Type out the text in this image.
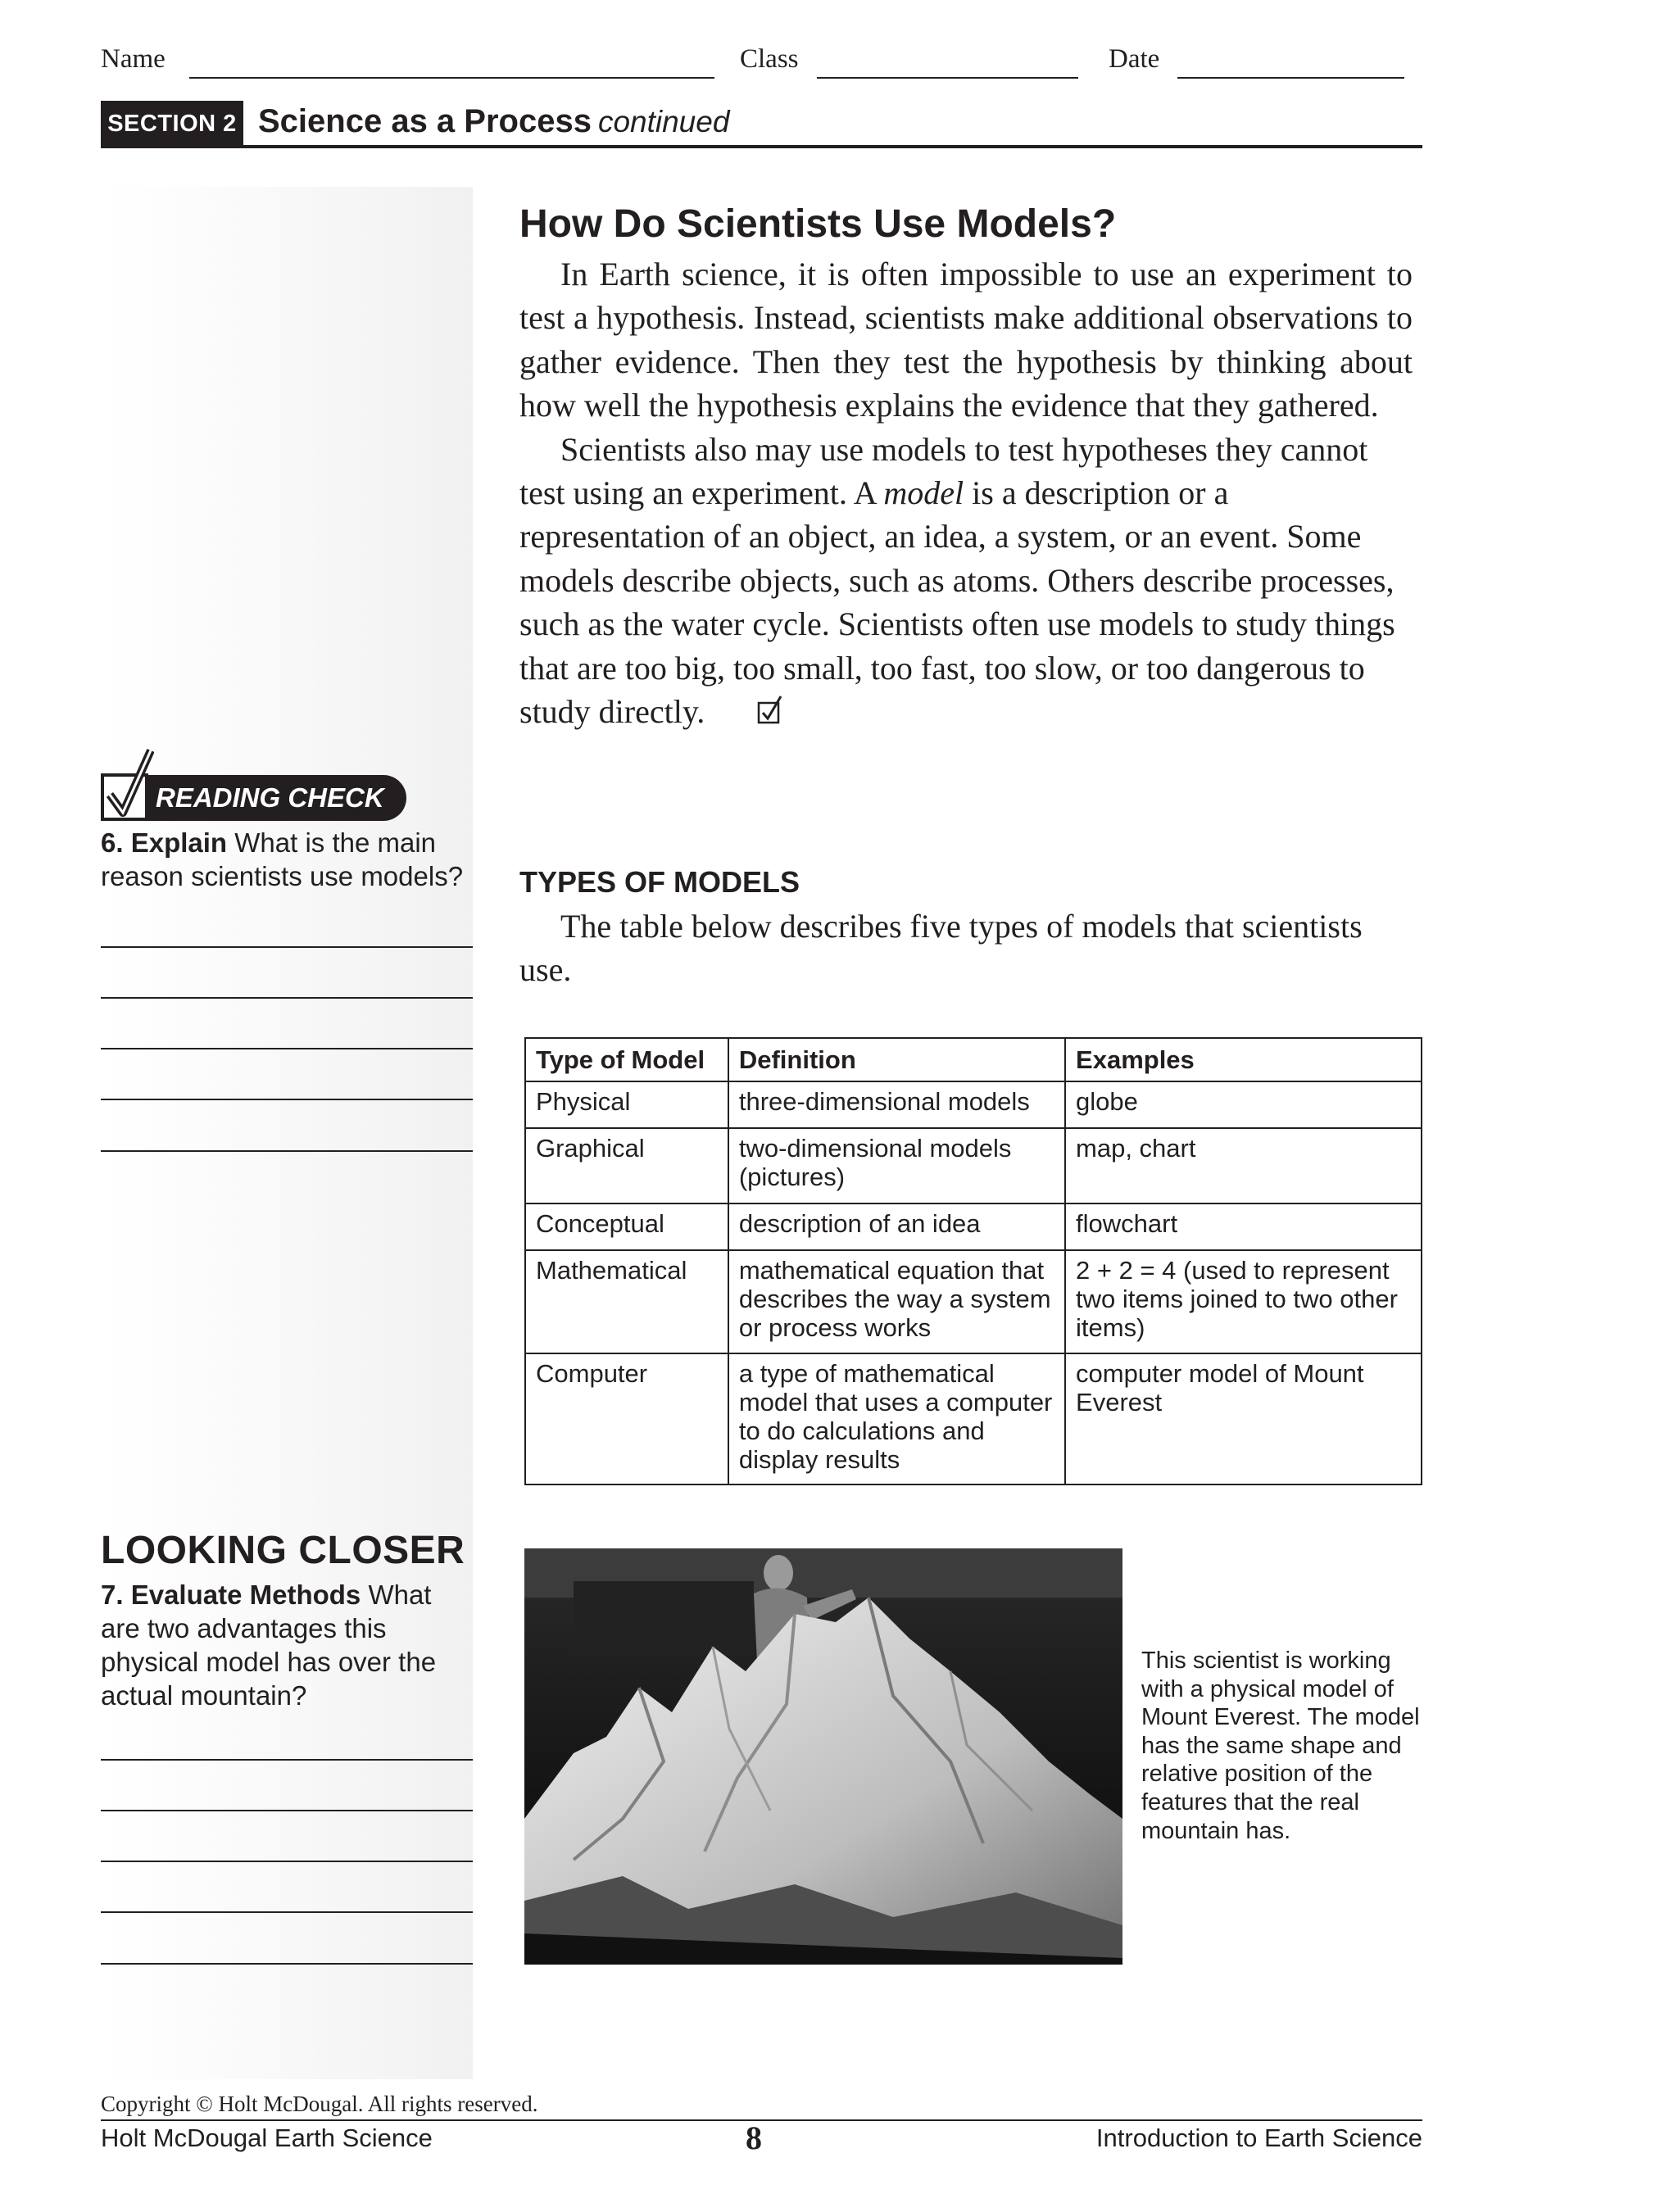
Name	Class	Date
SECTION 2 Science as a Process continued
How Do Scientists Use Models?

In Earth science, it is often impossible to use an experiment to test a hypothesis. Instead, scientists make additional observations to gather evidence. Then they test the hypothesis by thinking about how well the hypothesis explains the evidence that they gathered.

Scientists also may use models to test hypotheses they cannot test using an experiment. A model is a description or a representation of an object, an idea, a system, or an event. Some models describe objects, such as atoms. Others describe processes, such as the water cycle. Scientists often use models to study things that are too big, too small, too fast, too slow, or too dangerous to study directly.

TYPES OF MODELS
The table below describes five types of models that scientists use.
READING CHECK
6. Explain What is the main reason scientists use models?
LOOKING CLOSER
7. Evaluate Methods What are two advantages this physical model has over the actual mountain?
Type of Model	Definition	Examples
Physical	three-dimensional models	globe
Graphical	two-dimensional models (pictures)	map, chart
Conceptual	description of an idea	flowchart
Mathematical	mathematical equation that describes the way a system or process works	2 + 2 = 4 (used to represent two items joined to two other items)
Computer	a type of mathematical model that uses a computer to do calculations and display results	computer model of Mount Everest
This scientist is working with a physical model of Mount Everest. The model has the same shape and relative position of the features that the real mountain has.
Copyright © Holt McDougal. All rights reserved.
Holt McDougal Earth Science	8	Introduction to Earth Science
